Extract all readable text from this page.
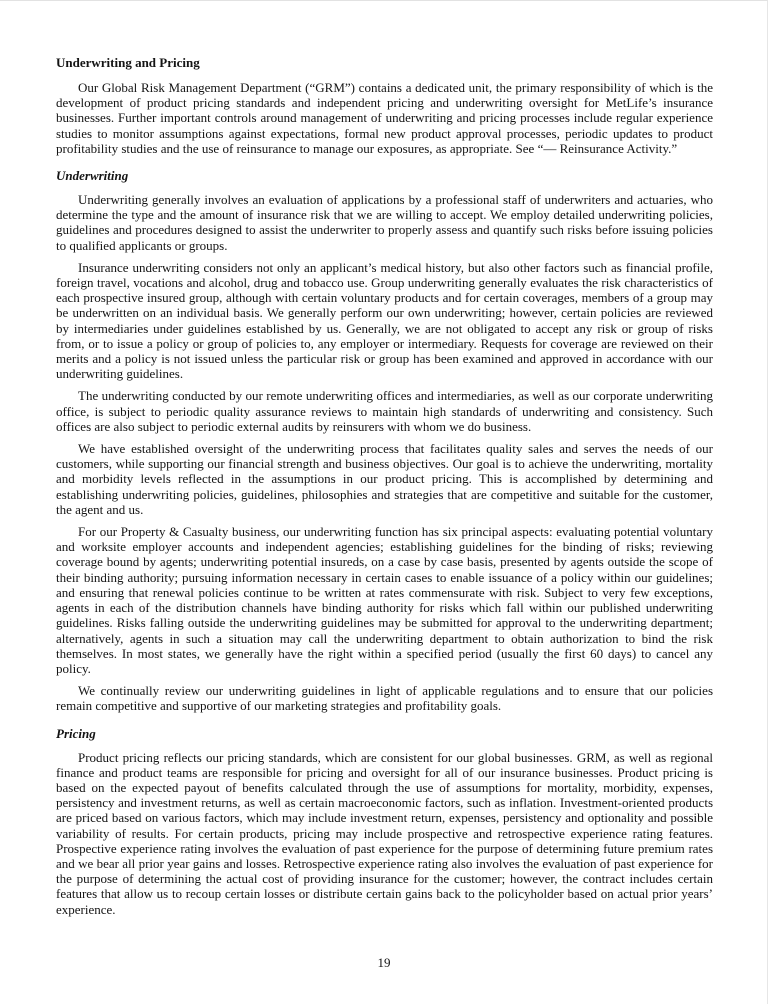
Underwriting and Pricing

Our Global Risk Management Department (“GRM”) contains a dedicated unit, the primary responsibility of which is the development of product pricing standards and independent pricing and underwriting oversight for MetLife’s insurance businesses. Further important controls around management of underwriting and pricing processes include regular experience studies to monitor assumptions against expectations, formal new product approval processes, periodic updates to product profitability studies and the use of reinsurance to manage our exposures, as appropriate. See “— Reinsurance Activity.”

Underwriting

Underwriting generally involves an evaluation of applications by a professional staff of underwriters and actuaries, who determine the type and the amount of insurance risk that we are willing to accept. We employ detailed underwriting policies, guidelines and procedures designed to assist the underwriter to properly assess and quantify such risks before issuing policies to qualified applicants or groups.

Insurance underwriting considers not only an applicant’s medical history, but also other factors such as financial profile, foreign travel, vocations and alcohol, drug and tobacco use. Group underwriting generally evaluates the risk characteristics of each prospective insured group, although with certain voluntary products and for certain coverages, members of a group may be underwritten on an individual basis. We generally perform our own underwriting; however, certain policies are reviewed by intermediaries under guidelines established by us. Generally, we are not obligated to accept any risk or group of risks from, or to issue a policy or group of policies to, any employer or intermediary. Requests for coverage are reviewed on their merits and a policy is not issued unless the particular risk or group has been examined and approved in accordance with our underwriting guidelines.

The underwriting conducted by our remote underwriting offices and intermediaries, as well as our corporate underwriting office, is subject to periodic quality assurance reviews to maintain high standards of underwriting and consistency. Such offices are also subject to periodic external audits by reinsurers with whom we do business.

We have established oversight of the underwriting process that facilitates quality sales and serves the needs of our customers, while supporting our financial strength and business objectives. Our goal is to achieve the underwriting, mortality and morbidity levels reflected in the assumptions in our product pricing. This is accomplished by determining and establishing underwriting policies, guidelines, philosophies and strategies that are competitive and suitable for the customer, the agent and us.

For our Property & Casualty business, our underwriting function has six principal aspects: evaluating potential voluntary and worksite employer accounts and independent agencies; establishing guidelines for the binding of risks; reviewing coverage bound by agents; underwriting potential insureds, on a case by case basis, presented by agents outside the scope of their binding authority; pursuing information necessary in certain cases to enable issuance of a policy within our guidelines; and ensuring that renewal policies continue to be written at rates commensurate with risk. Subject to very few exceptions, agents in each of the distribution channels have binding authority for risks which fall within our published underwriting guidelines. Risks falling outside the underwriting guidelines may be submitted for approval to the underwriting department; alternatively, agents in such a situation may call the underwriting department to obtain authorization to bind the risk themselves. In most states, we generally have the right within a specified period (usually the first 60 days) to cancel any policy.

We continually review our underwriting guidelines in light of applicable regulations and to ensure that our policies remain competitive and supportive of our marketing strategies and profitability goals.

Pricing

Product pricing reflects our pricing standards, which are consistent for our global businesses. GRM, as well as regional finance and product teams are responsible for pricing and oversight for all of our insurance businesses. Product pricing is based on the expected payout of benefits calculated through the use of assumptions for mortality, morbidity, expenses, persistency and investment returns, as well as certain macroeconomic factors, such as inflation. Investment-oriented products are priced based on various factors, which may include investment return, expenses, persistency and optionality and possible variability of results. For certain products, pricing may include prospective and retrospective experience rating features. Prospective experience rating involves the evaluation of past experience for the purpose of determining future premium rates and we bear all prior year gains and losses. Retrospective experience rating also involves the evaluation of past experience for the purpose of determining the actual cost of providing insurance for the customer; however, the contract includes certain features that allow us to recoup certain losses or distribute certain gains back to the policyholder based on actual prior years’ experience.

19
